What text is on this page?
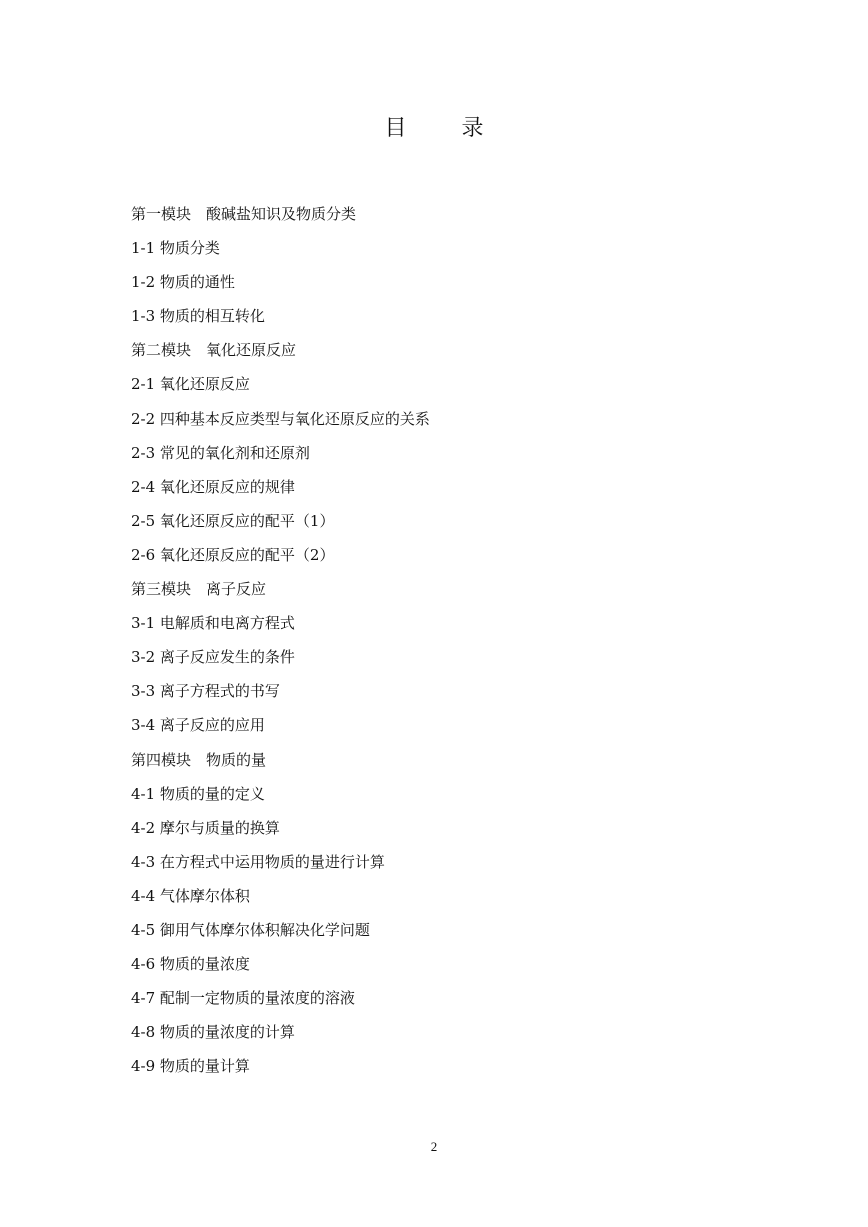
目 录
第一模块　酸碱盐知识及物质分类
1-1 物质分类
1-2 物质的通性
1-3 物质的相互转化
第二模块　氧化还原反应
2-1 氧化还原反应
2-2 四种基本反应类型与氧化还原反应的关系
2-3 常见的氧化剂和还原剂
2-4 氧化还原反应的规律
2-5 氧化还原反应的配平（1）
2-6 氧化还原反应的配平（2）
第三模块　离子反应
3-1 电解质和电离方程式
3-2 离子反应发生的条件
3-3 离子方程式的书写
3-4 离子反应的应用
第四模块　物质的量
4-1 物质的量的定义
4-2 摩尔与质量的换算
4-3 在方程式中运用物质的量进行计算
4-4 气体摩尔体积
4-5 御用气体摩尔体积解决化学问题
4-6 物质的量浓度
4-7 配制一定物质的量浓度的溶液
4-8 物质的量浓度的计算
4-9 物质的量计算
2
